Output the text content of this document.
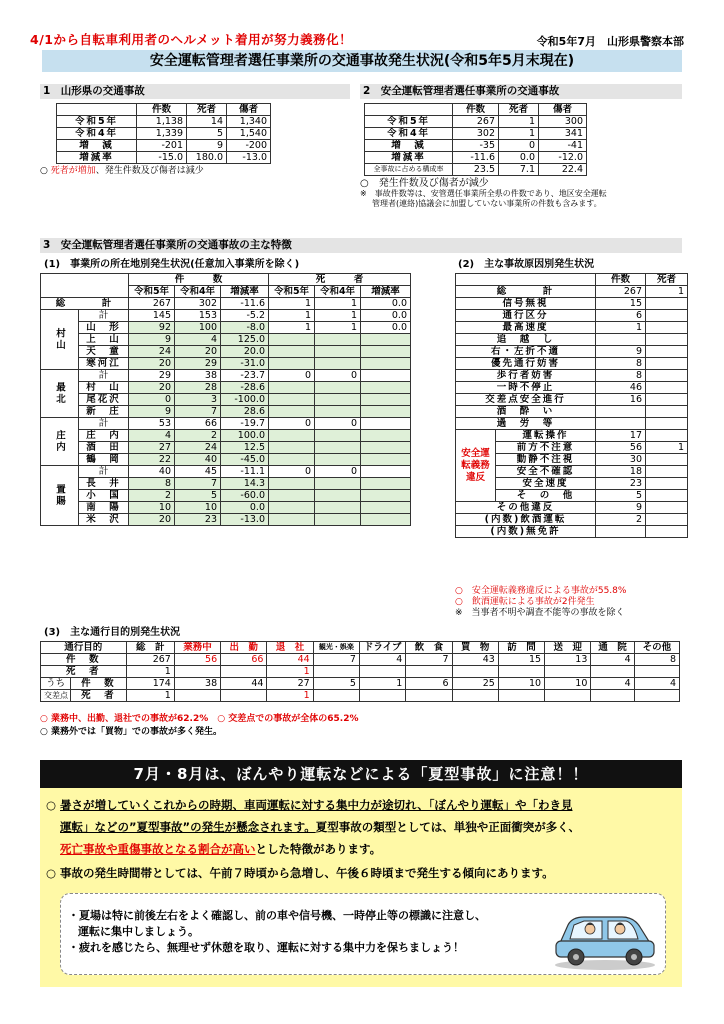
4/1から自転車利用者のヘルメット着用が努力義務化！	令和5年7月　山形県警察本部
安全運転管理者選任事業所の交通事故発生状況(令和5年5月末現在)
1　山形県の交通事故
	件数	死者	傷者
令和5年	1,138	14	1,340
令和4年	1,339	5	1,540
増　減	-201	9	-200
増減率	-15.0	180.0	-13.0
○ 死者が増加、発生件数及び傷者は減少
2　安全運転管理者選任事業所の交通事故
	件数	死者	傷者
令和5年	267	1	300
令和4年	302	1	341
増　減	-35	0	-41
増減率	-11.6	0.0	-12.0
全事故に占める構成率	23.5	7.1	22.4
○　発生件数及び傷者が減少
※　事故件数等は、安管選任事業所全県の件数であり、地区安全運転
管理者(連絡)協議会に加盟していない事業所の件数も含みます。
3　安全運転管理者選任事業所の交通事故の主な特徴
(1)　事業所の所在地別発生状況(任意加入事業所を除く)
		件　　　数			死　　　者		
		令和5年	令和4年	増減率	令和5年	令和4年	増減率
総　　　計		267	302	-11.6	1	1	0.0
村山	計	145	153	-5.2	1	1	0.0
	山　形	92	100	-8.0	1	1	0.0
	上　山	9	4	125.0			
	天　童	24	20	20.0			
	寒河江	20	29	-31.0			
最北	計	29	38	-23.7	0	0	
	村　山	20	28	-28.6			
	尾花沢	0	3	-100.0			
	新　庄	9	7	28.6			
庄内	計	53	66	-19.7	0	0	
	庄　内	4	2	100.0			
	酒　田	27	24	12.5			
	鶴　岡	22	40	-45.0			
置賜	計	40	45	-11.1	0	0	
	長　井	8	7	14.3			
	小　国	2	5	-60.0			
	南　陽	10	10	0.0			
	米　沢	20	23	-13.0			
(2)　主な事故原因別発生状況
		件数	死者
総　　　計		267	1
信号無視		15	
通行区分		6	
最高速度		1	
追　越　し			
右・左折不適		9	
優先通行妨害		8	
歩行者妨害		8	
一時不停止		46	
交差点安全進行		16	
酒　酔　い			
過　労　等			
安全運転義務違反	運転操作	17	
	前方不注意	56	1
	動静不注視	30	
	安全不確認	18	
	安全速度	23	
	そ　の　他	5	
その他違反		9	
(内数)飲酒運転		2	
(内数)無免許			
○　安全運転義務違反による事故が55.8%
○　飲酒運転による事故が2件発生
※　当事者不明や調査不能等の事故を除く
(3)　主な通行目的別発生状況
通行目的		総　計	業務中	出　勤	退　社	観光・娯楽	ドライブ	飲　食	買　物	訪　問	送　迎	通　院	その他
件　数		267	56	66	44	7	4	7	43	15	13	4	8
死　者		1			1								
うち	件　数	174	38	44	27	5	1	6	25	10	10	4	4
交差点	死　者	1			1								
○ 業務中、出勤、退社での事故が62.2%　 ○ 交差点での事故が全体の65.2%
○ 業務外では「買物」での事故が多く発生。
7月・8月は、ぼんやり運転などによる「夏型事故」に注意！！
○ 暑さが増していくこれからの時期、車両運転に対する集中力が途切れ、「ぼんやり運転」や「わき見
運転」などの”夏型事故”の発生が懸念されます。夏型事故の類型としては、単独や正面衝突が多く、
死亡事故や重傷事故となる割合が高いとした特徴があります。
○ 事故の発生時間帯としては、午前７時頃から急増し、午後６時頃まで発生する傾向にあります。
・夏場は特に前後左右をよく確認し、前の車や信号機、一時停止等の標識に注意し、
運転に集中しましょう。
・疲れを感じたら、無理せず休憩を取り、運転に対する集中力を保ちましょう！
